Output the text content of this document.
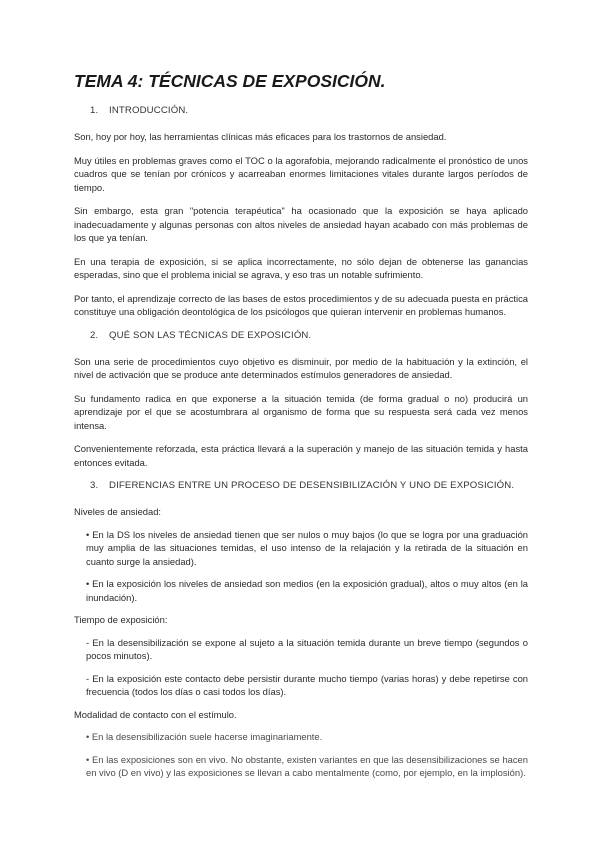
TEMA 4: TÉCNICAS DE EXPOSICIÓN.
1. INTRODUCCIÓN.

Son, hoy por hoy, las herramientas clínicas más eficaces para los trastornos de ansiedad.

Muy útiles en problemas graves como el TOC o la agorafobia, mejorando radicalmente el pronóstico de unos cuadros que se tenían por crónicos y acarreaban enormes limitaciones vitales durante largos períodos de tiempo.

Sin embargo, esta gran "potencia terapéutica" ha ocasionado que la exposición se haya aplicado inadecuadamente y algunas personas con altos niveles de ansiedad hayan acabado con más problemas de los que ya tenían.

En una terapia de exposición, si se aplica incorrectamente, no sólo dejan de obtenerse las ganancias esperadas, sino que el problema inicial se agrava, y eso tras un notable sufrimiento.

Por tanto, el aprendizaje correcto de las bases de estos procedimientos y de su adecuada puesta en práctica constituye una obligación deontológica de los psicólogos que quieran intervenir en problemas humanos.

2. QUÉ SON LAS TÉCNICAS DE EXPOSICIÓN.

Son una serie de procedimientos cuyo objetivo es disminuir, por medio de la habituación y la extinción, el nivel de activación que se produce ante determinados estímulos generadores de ansiedad.

Su fundamento radica en que exponerse a la situación temida (de forma gradual o no) producirá un aprendizaje por el que se acostumbrara al organismo de forma que su respuesta será cada vez menos intensa.

Convenientemente reforzada, esta práctica llevará a la superación y manejo de las situación temida y hasta entonces evitada.

3. DIFERENCIAS ENTRE UN PROCESO DE DESENSIBILIZACIÓN Y UNO DE EXPOSICIÓN.

Niveles de ansiedad:

• En la DS los niveles de ansiedad tienen que ser nulos o muy bajos (lo que se logra por una graduación muy amplia de las situaciones temidas, el uso intenso de la relajación y la retirada de la situación en cuanto surge la ansiedad).

• En la exposición los niveles de ansiedad son medios (en la exposición gradual), altos o muy altos (en la inundación).

Tiempo de exposición:

- En la desensibilización se expone al sujeto a la situación temida durante un breve tiempo (segundos o pocos minutos).

- En la exposición este contacto debe persistir durante mucho tiempo (varias horas) y debe repetirse con frecuencia (todos los días o casi todos los días).

Modalidad de contacto con el estímulo.

• En la desensibilización suele hacerse imaginariamente.

• En las exposiciones son en vivo. No obstante, existen variantes en que las desensibilizaciones se hacen en vivo (D en vivo) y las exposiciones se llevan a cabo mentalmente (como, por ejemplo, en la implosión).
